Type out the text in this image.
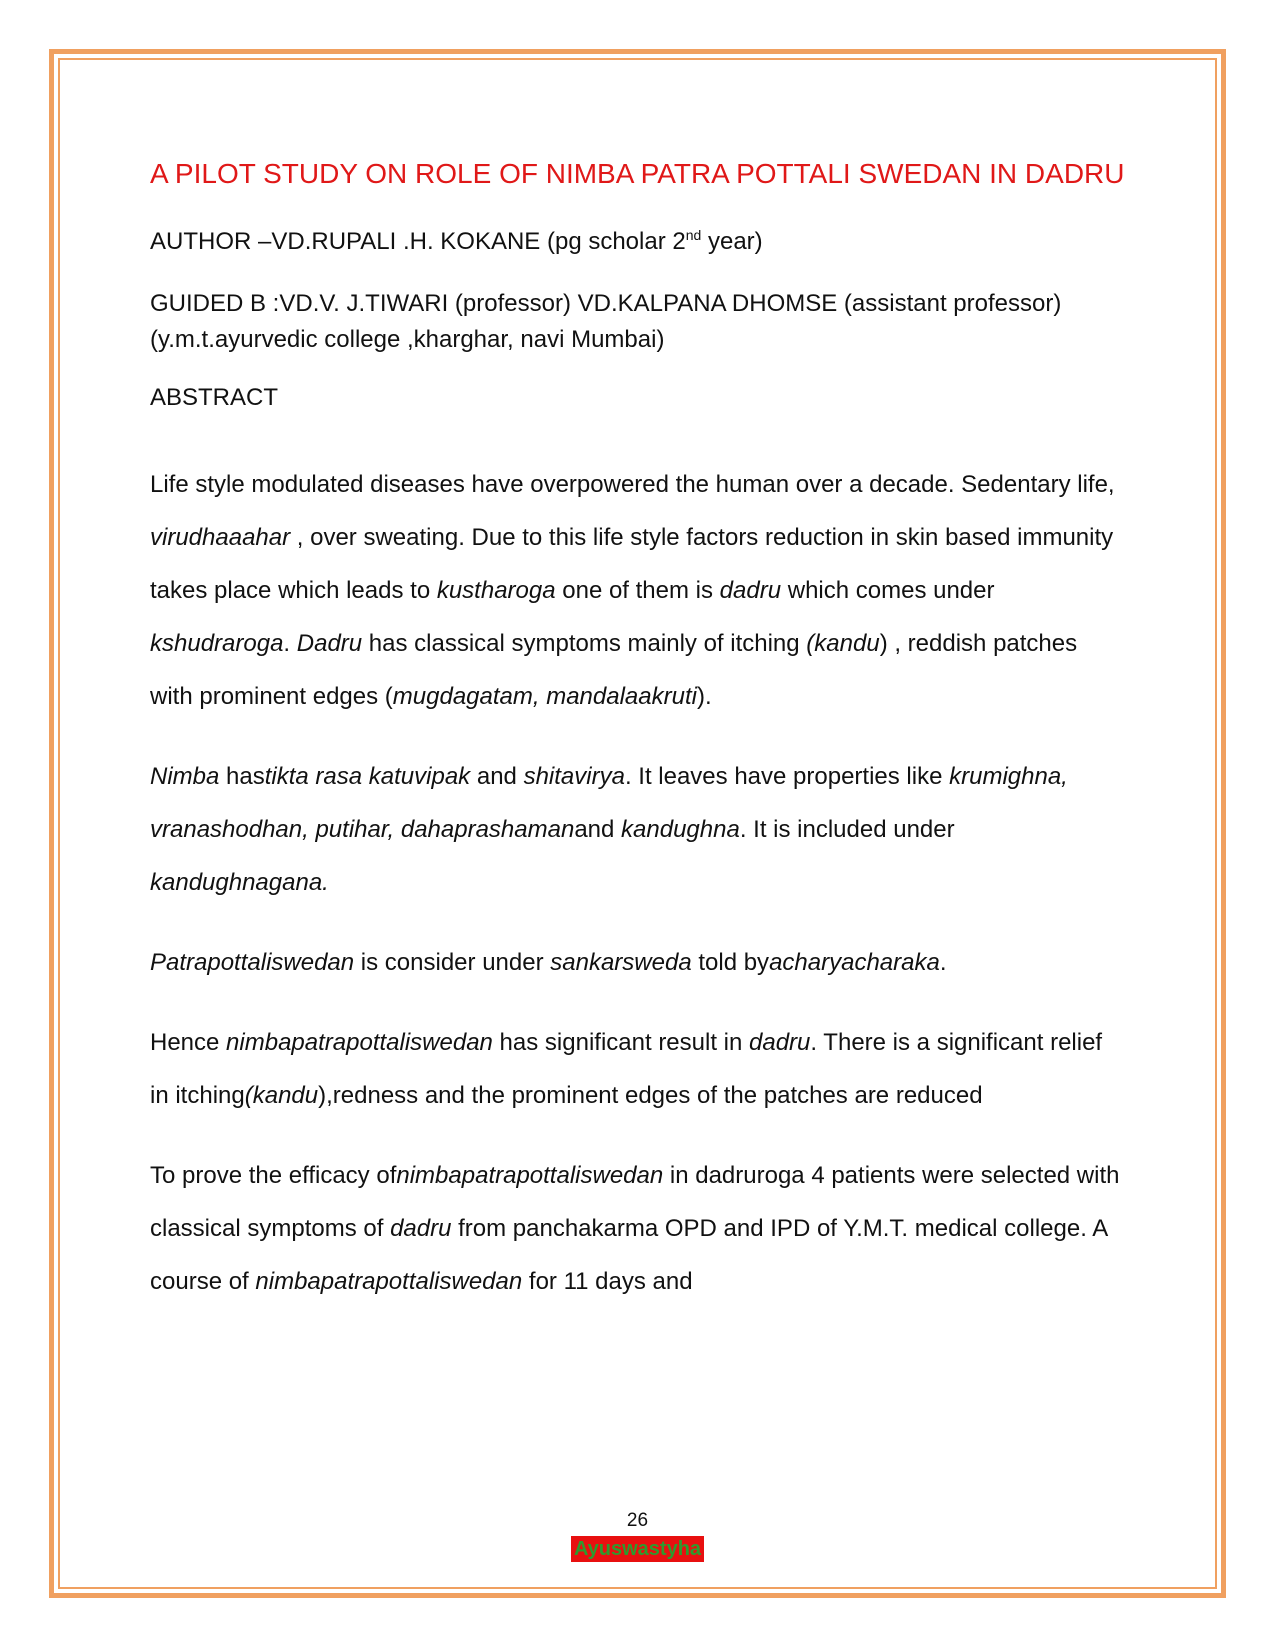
A PILOT STUDY ON ROLE OF NIMBA PATRA POTTALI SWEDAN IN DADRU

AUTHOR –VD.RUPALI .H. KOKANE (pg scholar 2nd year)

GUIDED B :VD.V. J.TIWARI (professor) VD.KALPANA DHOMSE (assistant professor)
(y.m.t.ayurvedic college ,kharghar, navi Mumbai)

ABSTRACT

Life style modulated diseases have overpowered the human over a decade. Sedentary life, virudhaaahar , over sweating. Due to this life style factors reduction in skin based immunity takes place which leads to kustharoga one of them is dadru which comes under kshudraroga. Dadru has classical symptoms mainly of itching (kandu) , reddish patches with prominent edges (mugdagatam, mandalaakruti).

Nimba hastikta rasa katuvipak and shitavirya. It leaves have properties like krumighna, vranashodhan, putihar, dahaprashamanand kandughna. It is included under kandughnagana.

Patrapottaliswedan is consider under sankarsweda told byacharyacharaka.

Hence nimbapatrapottaliswedan has significant result in dadru. There is a significant relief in itching(kandu),redness and the prominent edges of the patches are reduced

To prove the efficacy ofnimbapatrapottaliswedan in dadruroga 4 patients were selected with classical symptoms of dadru from panchakarma OPD and IPD of Y.M.T. medical college. A course of nimbapatrapottaliswedan for 11 days and

26
Ayuswastyha
